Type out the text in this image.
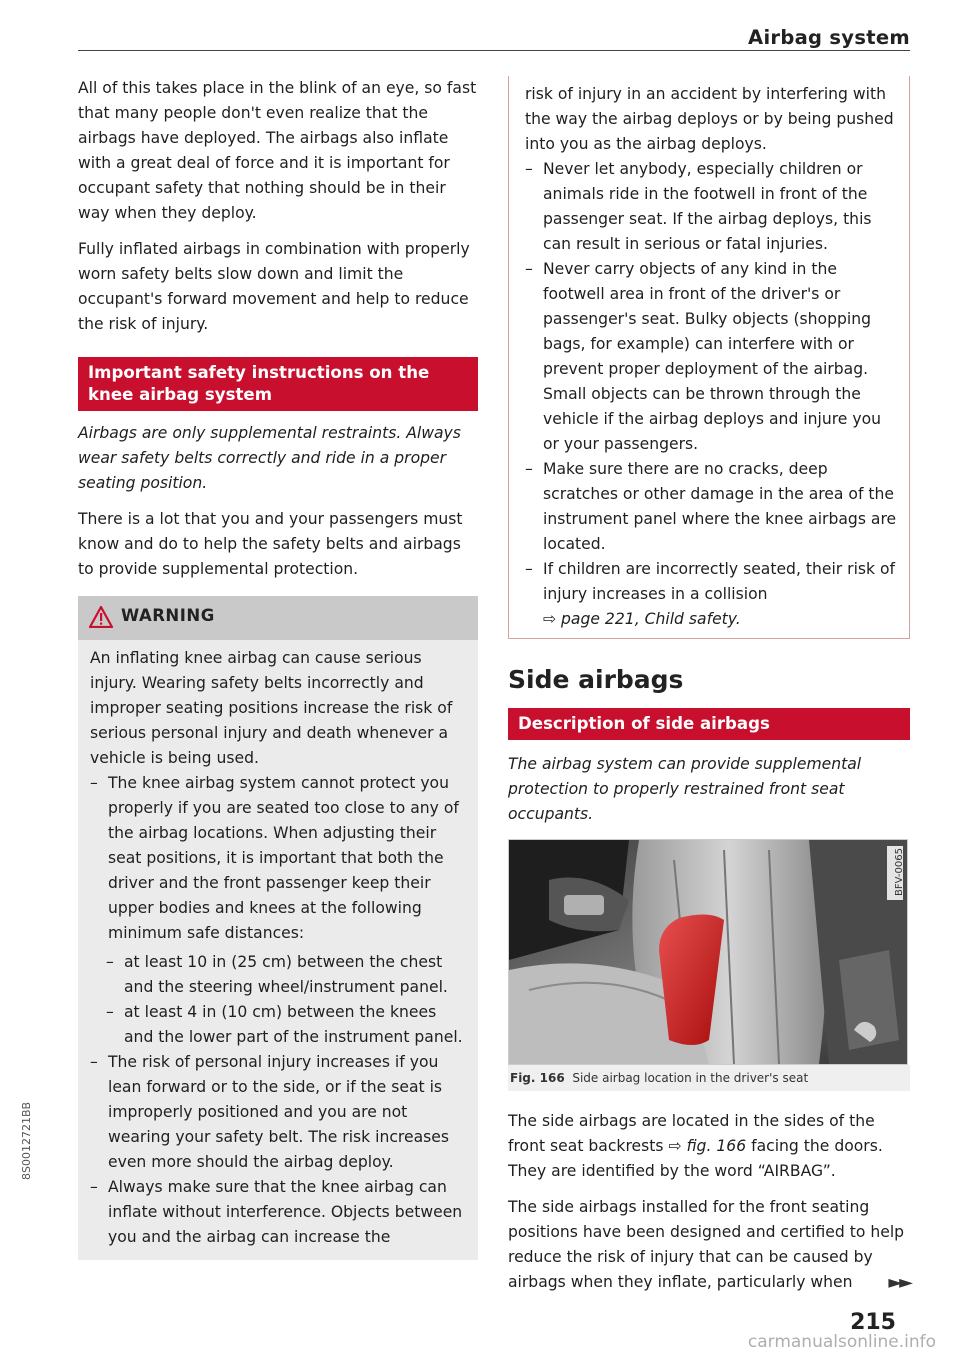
Airbag system

All of this takes place in the blink of an eye, so fast that many people don't even realize that the airbags have deployed. The airbags also inflate with a great deal of force and it is important for occupant safety that nothing should be in their way when they deploy.

Fully inflated airbags in combination with properly worn safety belts slow down and limit the occupant's forward movement and help to reduce the risk of injury.

Important safety instructions on the knee airbag system

Airbags are only supplemental restraints. Always wear safety belts correctly and ride in a proper seating position.

There is a lot that you and your passengers must know and do to help the safety belts and airbags to provide supplemental protection.

WARNING

An inflating knee airbag can cause serious injury. Wearing safety belts incorrectly and improper seating positions increase the risk of serious personal injury and death whenever a vehicle is being used.

– The knee airbag system cannot protect you properly if you are seated too close to any of the airbag locations. When adjusting their seat positions, it is important that both the driver and the front passenger keep their upper bodies and knees at the following minimum safe distances:

– at least 10 in (25 cm) between the chest and the steering wheel/instrument panel.

– at least 4 in (10 cm) between the knees and the lower part of the instrument panel.

– The risk of personal injury increases if you lean forward or to the side, or if the seat is improperly positioned and you are not wearing your safety belt. The risk increases even more should the airbag deploy.

– Always make sure that the knee airbag can inflate without interference. Objects between you and the airbag can increase the

risk of injury in an accident by interfering with the way the airbag deploys or by being pushed into you as the airbag deploys.

– Never let anybody, especially children or animals ride in the footwell in front of the passenger seat. If the airbag deploys, this can result in serious or fatal injuries.

– Never carry objects of any kind in the footwell area in front of the driver's or passenger's seat. Bulky objects (shopping bags, for example) can interfere with or prevent proper deployment of the airbag. Small objects can be thrown through the vehicle if the airbag deploys and injure you or your passengers.

– Make sure there are no cracks, deep scratches or other damage in the area of the instrument panel where the knee airbags are located.

– If children are incorrectly seated, their risk of injury increases in a collision
⇨ page 221, Child safety.

Side airbags
Description of side airbags

The airbag system can provide supplemental protection to properly restrained front seat occupants.

BFV-0065
Fig. 166 Side airbag location in the driver's seat

The side airbags are located in the sides of the front seat backrests ⇨ fig. 166 facing the doors. They are identified by the word “AIRBAG”.

The side airbags installed for the front seating positions have been designed and certified to help reduce the risk of injury that can be caused by airbags when they inflate, particularly when	►►
215
8S0012721BB
carmanualsonline.info
